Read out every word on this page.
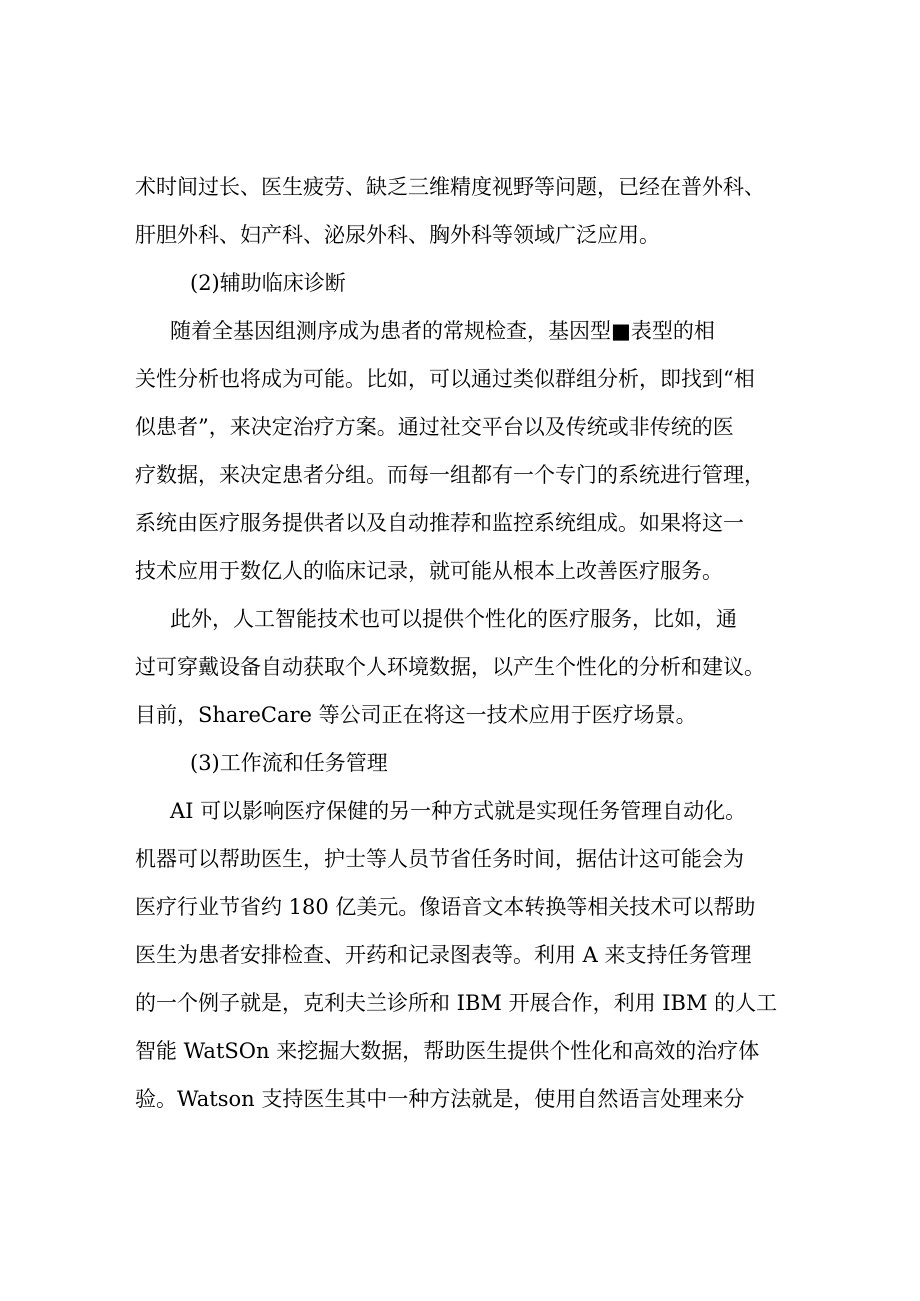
术时间过长、医生疲劳、缺乏三维精度视野等问题，已经在普外科、
肝胆外科、妇产科、泌尿外科、胸外科等领域广泛应用。
(2)辅助临床诊断
随着全基因组测序成为患者的常规检查，基因型■表型的相
关性分析也将成为可能。比如，可以通过类似群组分析，即找到“相
似患者”，来决定治疗方案。通过社交平台以及传统或非传统的医
疗数据，来决定患者分组。而每一组都有一个专门的系统进行管理，
系统由医疗服务提供者以及自动推荐和监控系统组成。如果将这一
技术应用于数亿人的临床记录，就可能从根本上改善医疗服务。
此外，人工智能技术也可以提供个性化的医疗服务，比如，通
过可穿戴设备自动获取个人环境数据，以产生个性化的分析和建议。
目前，ShareCare 等公司正在将这一技术应用于医疗场景。
(3)工作流和任务管理
AI 可以影响医疗保健的另一种方式就是实现任务管理自动化。
机器可以帮助医生，护士等人员节省任务时间，据估计这可能会为
医疗行业节省约 180 亿美元。像语音文本转换等相关技术可以帮助
医生为患者安排检查、开药和记录图表等。利用 A 来支持任务管理
的一个例子就是，克利夫兰诊所和 IBM 开展合作，利用 IBM 的人工
智能 WatSOn 来挖掘大数据，帮助医生提供个性化和高效的治疗体
验。Watson 支持医生其中一种方法就是，使用自然语言处理来分
